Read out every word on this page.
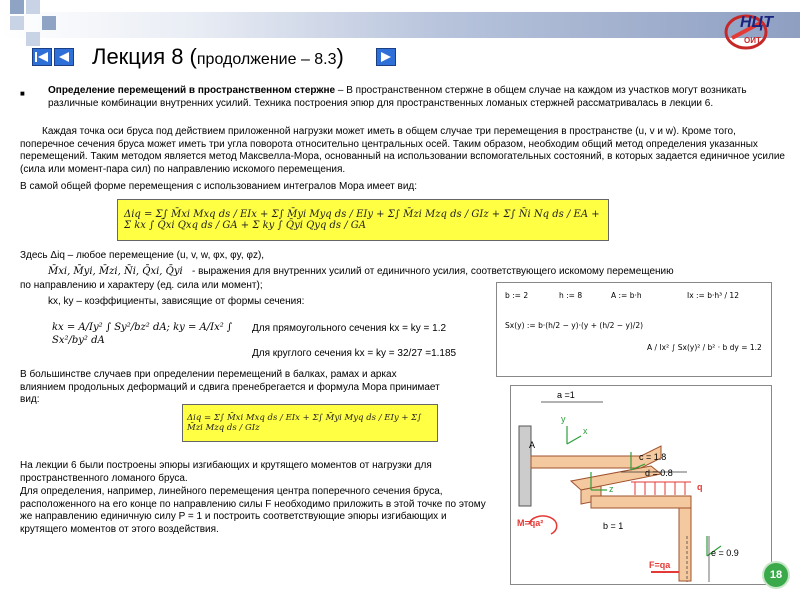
НЦТ
ОИТ
Лекция 8 (продолжение – 8.3)
■ Определение перемещений в пространственном стержне – В пространственном стержне в общем случае на каждом из участков могут возникать различные комбинации внутренних усилий. Техника построения эпюр для пространственных ломаных стержней рассматривалась в лекции 6.
Каждая точка оси бруса под действием приложенной нагрузки может иметь в общем случае три перемещения в пространстве (u, v и w). Кроме того, поперечное сечения бруса может иметь три угла поворота относительно центральных осей. Таким образом, необходим общий метод определения указанных перемещений. Таким методом является метод Максвелла-Мора, основанный на использовании вспомогательных состояний, в которых задается единичное усилие (сила или момент-пара сил) по направлению искомого перемещения.
В самой общей форме перемещения с использованием интегралов Мора имеет вид:
Δiq = Σ∫ M̄xi Mxq ds / EIx + Σ∫ M̄yi Myq ds / EIy + Σ∫ M̄zi Mzq ds / GIz + Σ∫ N̄i Nq ds / EA + Σ kx ∫ Q̄xi Qxq ds / GA + Σ ky ∫ Q̄yi Qyq ds / GA
Здесь Δiq – любое перемещение (u, v, w, φx, φy, φz),
M̄xi, M̄yi, M̄zi, N̄i, Q̄xi, Q̄yi - выражения для внутренних усилий от единичного усилия, соответствующего искомому перемещению
по направлению и характеру (ед. сила или момент);
kx, ky – коэффициенты, зависящие от формы сечения:
kx = A/Iy² ∫ Sy²/bz² dA; ky = A/Ix² ∫ Sx²/by² dA
Для прямоугольного сечения kx = ky = 1.2
Для круглого сечения kx = ky = 32/27 =1.185
b := 2	h := 8	A := b·h	Ix := b·h³ / 12
Sx(y) := b·(h/2 − y)·(y + (h/2 − y)/2)
A / Ix² ∫ Sx(y)² / b² · b dy = 1.2
В большинстве случаев при определении перемещений в балках, рамах и арках влиянием продольных деформаций и сдвига пренебрегается и формула Мора принимает вид:
Δiq = Σ∫ M̄xi Mxq ds / EIx + Σ∫ M̄yi Myq ds / EIy + Σ∫ M̄zi Mzq ds / GIz
На лекции 6 были построены эпюры изгибающих и крутящего моментов от нагрузки для пространственного ломаного бруса.
Для определения, например, линейного перемещения центра поперечного сечения бруса, расположенного на его конце по направлению силы F необходимо приложить в этой точке по этому же направлению единичную силу P = 1 и построить соответствующие эпюры изгибающих и крутящего моментов от этого воздействия.
a =1
c = 1.8
d = 0.8
b = 1
e = 0.9
A
q
M=qa²
F=qa
x
y
z
18
